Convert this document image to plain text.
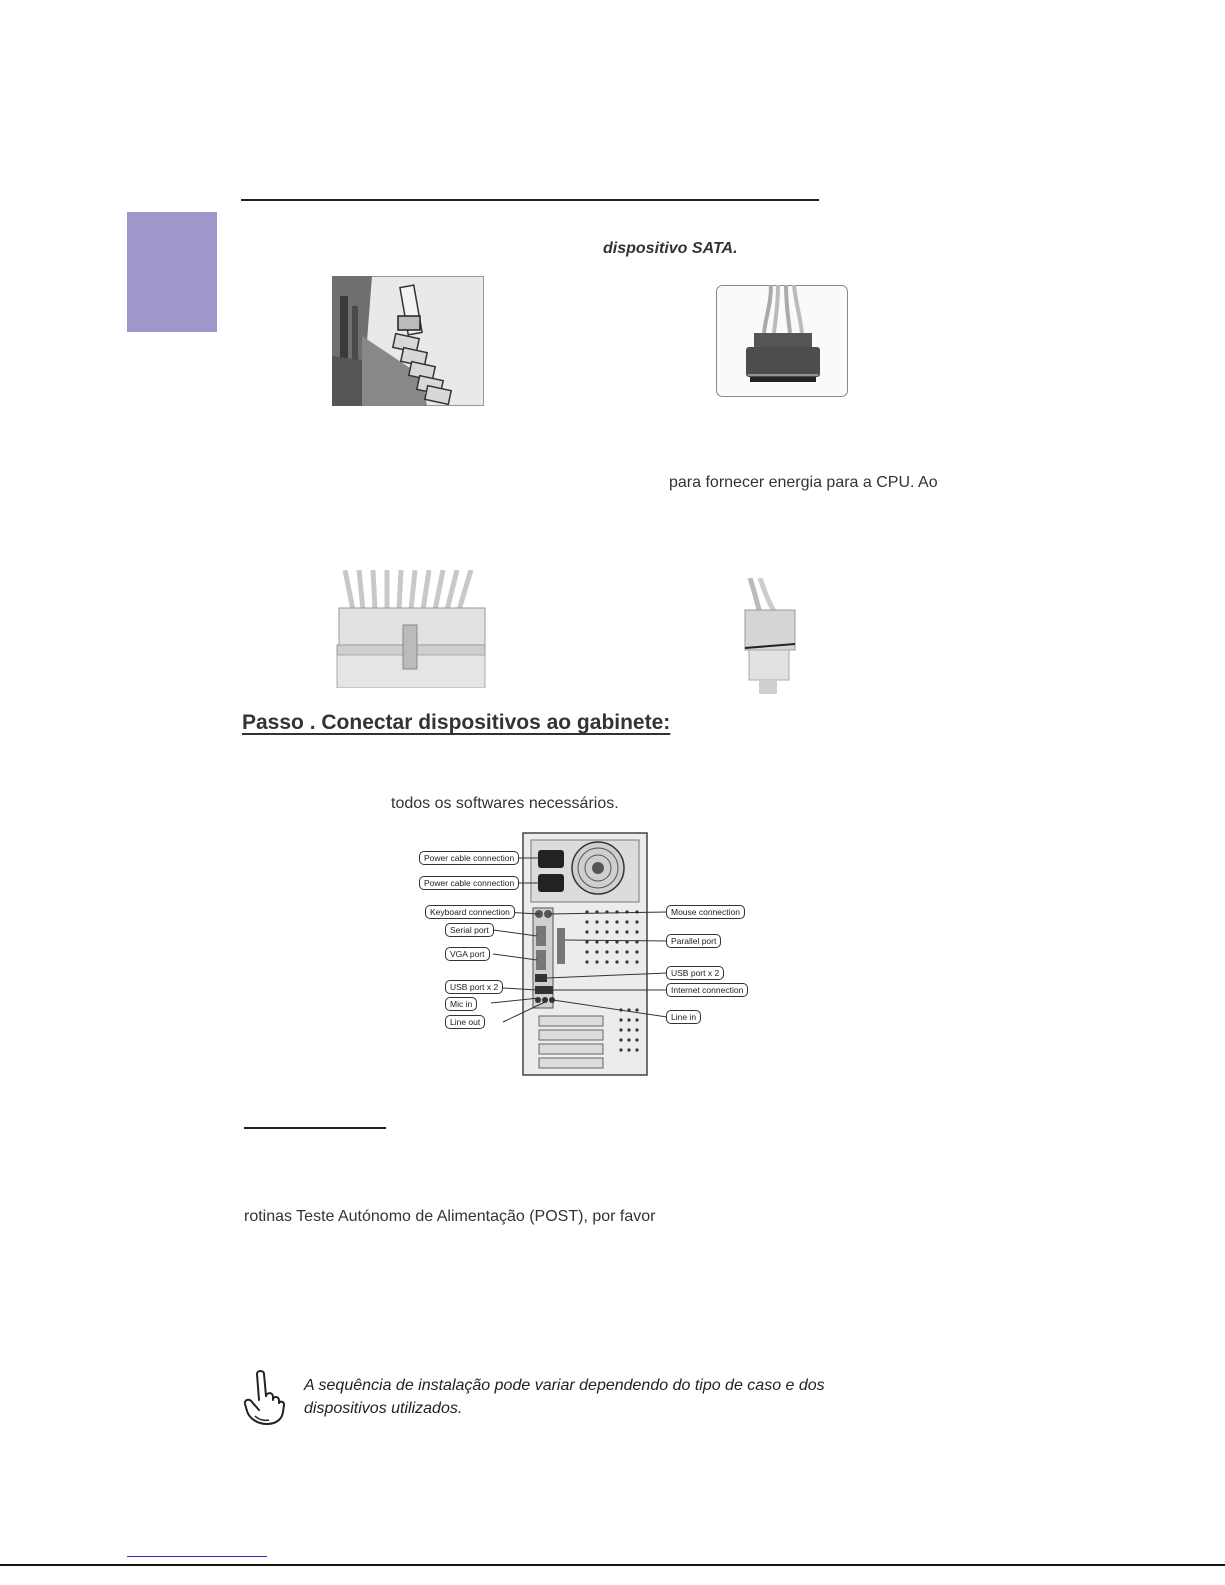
dispositivo SATA.
para fornecer energia para a CPU. Ao
Passo . Conectar dispositivos ao gabinete:
todos os softwares necessários.
Power cable connection
Power cable connection
Keyboard connection
Serial port
VGA port
USB port x 2
Mic in
Line out
Mouse connection
Parallel port
USB port x 2
Internet connection
Line in
rotinas Teste Autónomo de Alimentação (POST), por favor
A sequência de instalação pode variar dependendo do tipo de caso e dos
dispositivos utilizados.
